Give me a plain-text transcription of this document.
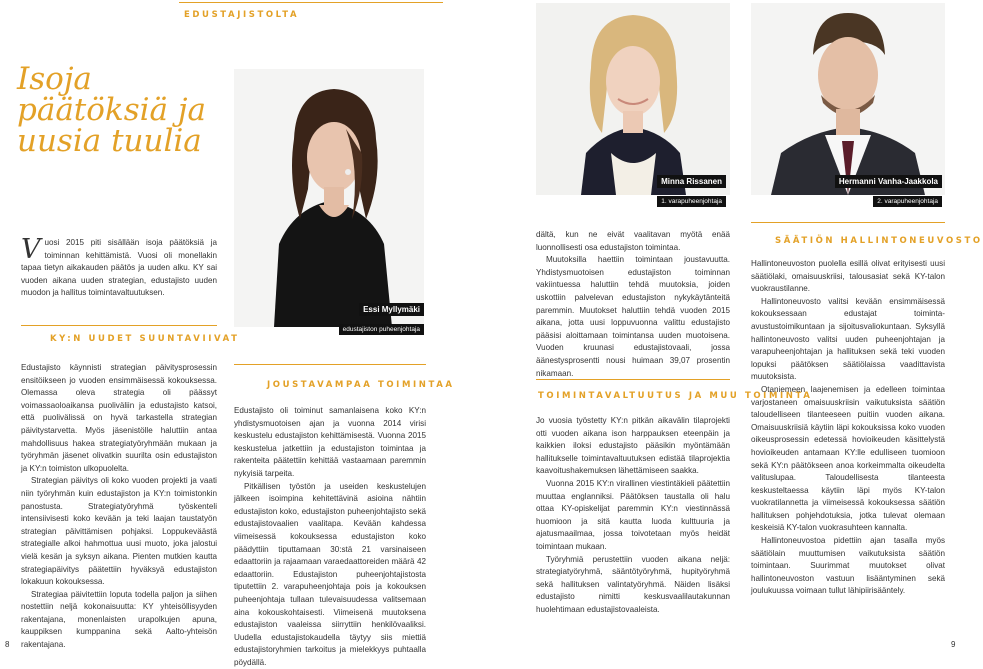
EDUSTAJISTOLTA
Isoja
päätöksiä ja
uusia tuulia
V uosi 2015 piti sisällään isoja päätöksiä ja toiminnan kehittämistä. Vuosi oli monellakin tapaa tietyn aikakauden päätös ja uuden alku. KY sai vuoden aikana uuden strategian, edustajisto uuden muodon ja hallitus toimintavaltuutuksen.

KY:N UUDET SUUNTAVIIVAT

Edustajisto käynnisti strategian päivitysprosessin ensitöikseen jo vuoden ensimmäisessä kokouksessa. Olemassa oleva strategia oli päässyt voimassaoloaikansa puoliväliin ja edustajisto katsoi, että puolivälissä on hyvä tarkastella strategian päivitystarvetta. Myös jäsenistölle haluttiin antaa mahdollisuus hakea strategiatyöryhmään mukaan ja työryhmän jäsenet olivatkin suurilta osin edustajiston ja KY:n toimiston ulkopuolelta.

Strategian päivitys oli koko vuoden projekti ja vaati niin työryhmän kuin edustajiston ja KY:n toimistonkin panostusta. Strategiatyöryhmä työskenteli intensiivisesti koko kevään ja teki laajan taustatyön strategian päivittämisen pohjaksi. Loppukeväästä strategialle alkoi hahmottua uusi muoto, joka jalostui vielä kesän ja syksyn aikana. Pienten mutkien kautta strategiapäivitys päätettiin hyväksyä edustajiston lokakuun kokouksessa.

Strategiaa päivitettiin loputa todella paljon ja siihen nostettiin neljä kokonaisuutta: KY yhteisöllisyyden rakentajana, monenlaisten urapolkujen apuna, kauppiksen kumppanina sekä Aalto-yhteisön rakentajana.

Essi Myllymäki
edustajiston puheenjohtaja
Minna Rissanen
1. varapuheenjohtaja
Hermanni Vanha-Jaakkola
2. varapuheenjohtaja
JOUSTAVAMPAA TOIMINTAA

Edustajisto oli toiminut samanlaisena koko KY:n yhdistysmuotoisen ajan ja vuonna 2014 virisi keskustelu edustajiston kehittämisestä. Vuonna 2015 keskustelua jatkettiin ja edustajiston toimintaa ja rakenteita päätettiin kehittää vastaamaan paremmin nykyisiä tarpeita.

Pitkällisen työstön ja useiden keskustelujen jälkeen isoimpina kehitettävinä asioina nähtiin edustajiston koko, edustajiston puheenjohtajisto sekä edustajistovaalien vaalitapa. Kevään kahdessa viimeisessä kokouksessa edustajiston koko päädyttiin tiputtamaan 30:stä 21 varsinaiseen edaattoriin ja rajaamaan varaedaattoreiden määrä 42 edaattoriin. Edustajiston puheenjohtajistosta tiputettiin 2. varapuheenjohtaja pois ja kokouksen puheenjohtaja tullaan tulevaisuudessa valitsemaan aina kokouskohtaisesti. Viimeisenä muutoksena edustajiston vaaleissa siirryttiin henkilövaaliksi. Uudella edustajistokaudella täytyy siis miettiä edustajistoryhmien tarkoitus ja mielekkyys puhtaalla pöydällä.

dältä, kun ne eivät vaalitavan myötä enää luonnollisesti osa edustajiston toimintaa.

Muutoksilla haettiin toimintaan joustavuutta. Yhdistysmuotoisen edustajiston toiminnan vakiintuessa haluttiin tehdä muutoksia, joiden uskottiin palvelevan edustajiston nykykäytänteitä paremmin. Muutokset haluttiin tehdä vuoden 2015 aikana, jotta uusi loppuvuonna valittu edustajisto pääsisi aloittamaan toimintansa uuden muotoisena. Vuoden kruunasi edustajistovaali, jossa äänestysprosentti nousi huimaan 39,07 prosentin nikamaan.

TOIMINTAVALTUUTUS JA MUU TOIMINTA

Jo vuosia työstetty KY:n pitkän aikavälin tilaprojekti otti vuoden aikana ison harppauksen eteenpäin ja kaikkien iloksi edustajisto pääsikin myöntämään hallitukselle toimintavaltuutuksen edistää tilaprojektia kaavoitushakemuksen lähettämiseen saakka.

Vuonna 2015 KY:n virallinen viestintäkieli päätettiin muuttaa englanniksi. Päätöksen taustalla oli halu ottaa KY-opiskelijat paremmin KY:n viestinnässä huomioon ja sitä kautta luoda kulttuuria ja ajatusmaailmaa, jossa toivotetaan myös heidät toimintaan mukaan.

Työryhmiä perustettiin vuoden aikana neljä: strategiatyöryhmä, sääntötyöryhmä, hupityöryhmä sekä hallituksen valintatyöryhmä. Näiden lisäksi edustajisto nimitti keskusvaalilautakunnan huolehtimaan edustajistovaaleista.

SÄÄTIÖN HALLINTONEUVOSTO

Hallintoneuvoston puolella esillä olivat erityisesti uusi säätiölaki, omaisuuskriisi, talousasiat sekä KY-talon vuokraustilanne.

Hallintoneuvosto valitsi kevään ensimmäisessä kokouksessaan edustajat toiminta-avustustoimikuntaan ja sijoitusvaliokuntaan. Syksyllä hallintoneuvosto valitsi uuden puheenjohtajan ja varapuheenjohtajan ja hallituksen sekä teki vuoden lopuksi päätöksen säätiölaissa vaadittavista muutoksista.

Otaniemeen laajenemisen ja edelleen toimintaa varjostaneen omaisuuskriisin vaikutuksista säätiön taloudelliseen tilanteeseen puitiin vuoden aikana. Omaisuuskriisiä käytiin läpi kokouksissa koko vuoden oikeusprosessin edetessä hovioikeuden käsittelystä hovioikeuden antamaan KY:lle edulliseen tuomioon sekä KY:n päätökseen anoa korkeimmalta oikeudelta valituslupaa. Taloudellisesta tilanteesta keskusteltaessa käytiin läpi myös KY-talon vuokratilannetta ja viimeisessä kokouksessa säätiön hallituksen pohjehdotuksia, jotka tulevat olemaan keskeisiä KY-talon vuokrasuhteen kannalta.

Hallintoneuvostoa pidettiin ajan tasalla myös säätiölain muuttumisen vaikutuksista säätiön toimintaan. Suurimmat muutokset olivat hallintoneuvoston vastuun lisääntyminen sekä joulukuussa voimaan tullut lähipiirisääntely.

8	9
